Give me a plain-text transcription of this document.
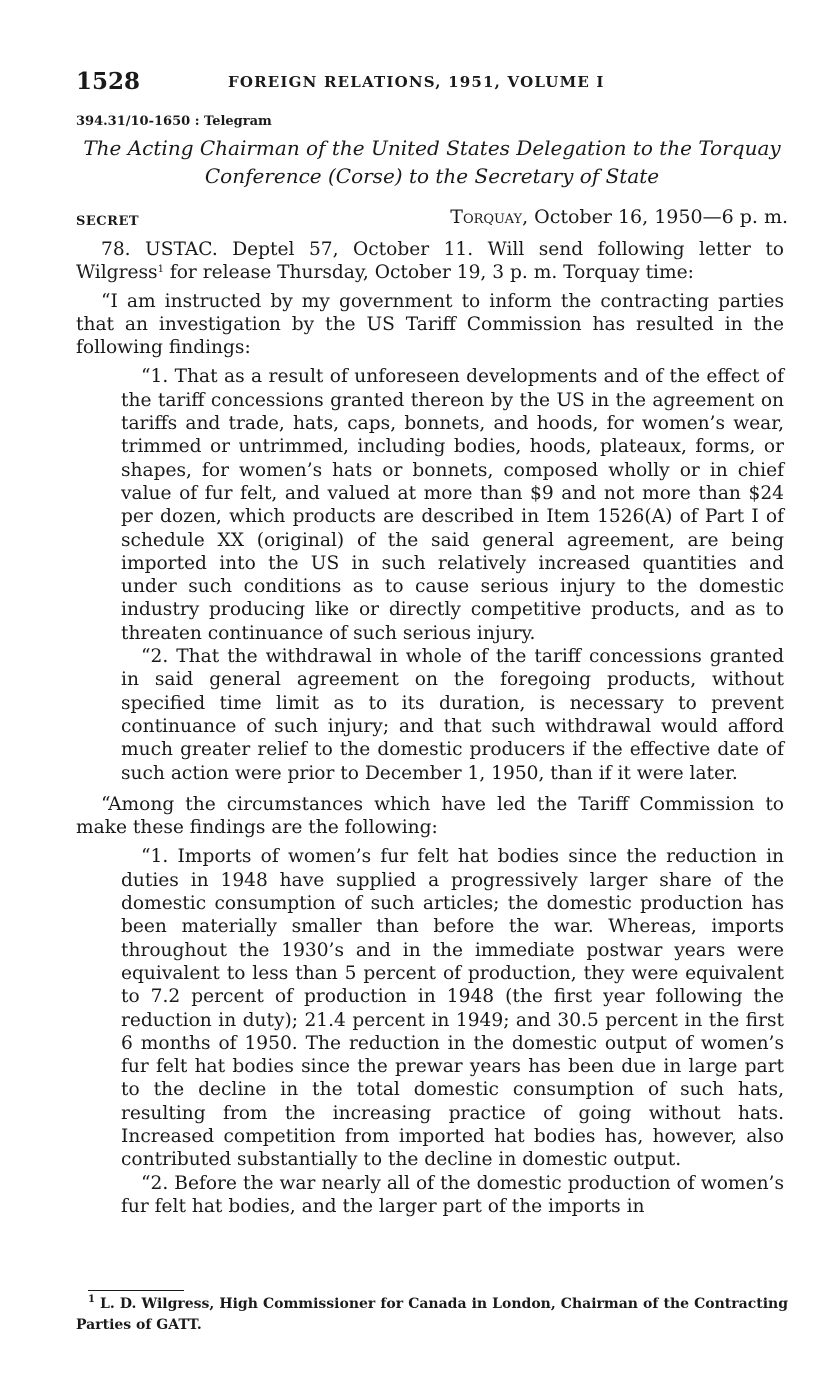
1528	FOREIGN RELATIONS, 1951, VOLUME I
394.31/10-1650 : Telegram
The Acting Chairman of the United States Delegation to the Torquay
Conference (Corse) to the Secretary of State
SECRET	Torquay, October 16, 1950—6 p. m.

78. USTAC. Deptel 57, October 11. Will send following letter to Wilgress$^1$ for release Thursday, October 19, 3 p. m. Torquay time:

“I am instructed by my government to inform the contracting parties that an investigation by the US Tariff Commission has resulted in the following findings:

“1. That as a result of unforeseen developments and of the effect of the tariff concessions granted thereon by the US in the agreement on tariffs and trade, hats, caps, bonnets, and hoods, for women’s wear, trimmed or untrimmed, including bodies, hoods, plateaux, forms, or shapes, for women’s hats or bonnets, composed wholly or in chief value of fur felt, and valued at more than $9 and not more than $24 per dozen, which products are described in Item 1526(A) of Part I of schedule XX (original) of the said general agreement, are being imported into the US in such relatively increased quantities and under such conditions as to cause serious injury to the domestic industry producing like or directly competitive products, and as to threaten continuance of such serious injury.

“2. That the withdrawal in whole of the tariff concessions granted in said general agreement on the foregoing products, without specified time limit as to its duration, is necessary to prevent continuance of such injury; and that such withdrawal would afford much greater relief to the domestic producers if the effective date of such action were prior to December 1, 1950, than if it were later.

“Among the circumstances which have led the Tariff Commission to make these findings are the following:

“1. Imports of women’s fur felt hat bodies since the reduction in duties in 1948 have supplied a progressively larger share of the domestic consumption of such articles; the domestic production has been materially smaller than before the war. Whereas, imports throughout the 1930’s and in the immediate postwar years were equivalent to less than 5 percent of production, they were equivalent to 7.2 percent of production in 1948 (the first year following the reduction in duty); 21.4 percent in 1949; and 30.5 percent in the first 6 months of 1950. The reduction in the domestic output of women’s fur felt hat bodies since the prewar years has been due in large part to the decline in the total domestic consumption of such hats, resulting from the increasing practice of going without hats. Increased competition from imported hat bodies has, however, also contributed substantially to the decline in domestic output.

“2. Before the war nearly all of the domestic production of women’s fur felt hat bodies, and the larger part of the imports in

$^1$ L. D. Wilgress, High Commissioner for Canada in London, Chairman of the Contracting Parties of GATT.
